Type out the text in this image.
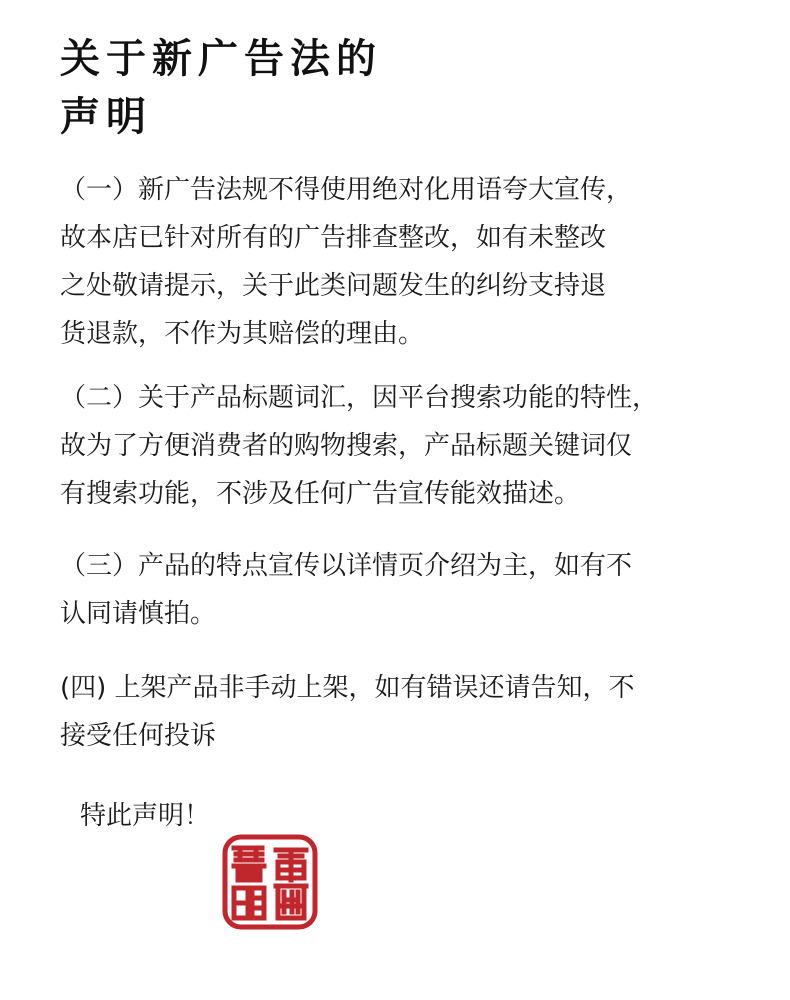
关于新广告法的
声明
（一）新广告法规不得使用绝对化用语夸大宣传，
故本店已针对所有的广告排查整改，如有未整改
之处敬请提示，关于此类问题发生的纠纷支持退
货退款，不作为其赔偿的理由。
（二）关于产品标题词汇，因平台搜索功能的特性，
故为了方便消费者的购物搜索，产品标题关键词仅
有搜索功能，不涉及任何广告宣传能效描述。
（三）产品的特点宣传以详情页介绍为主，如有不
认同请慎拍。
(四) 上架产品非手动上架，如有错误还请告知，不
接受任何投诉
特此声明！
